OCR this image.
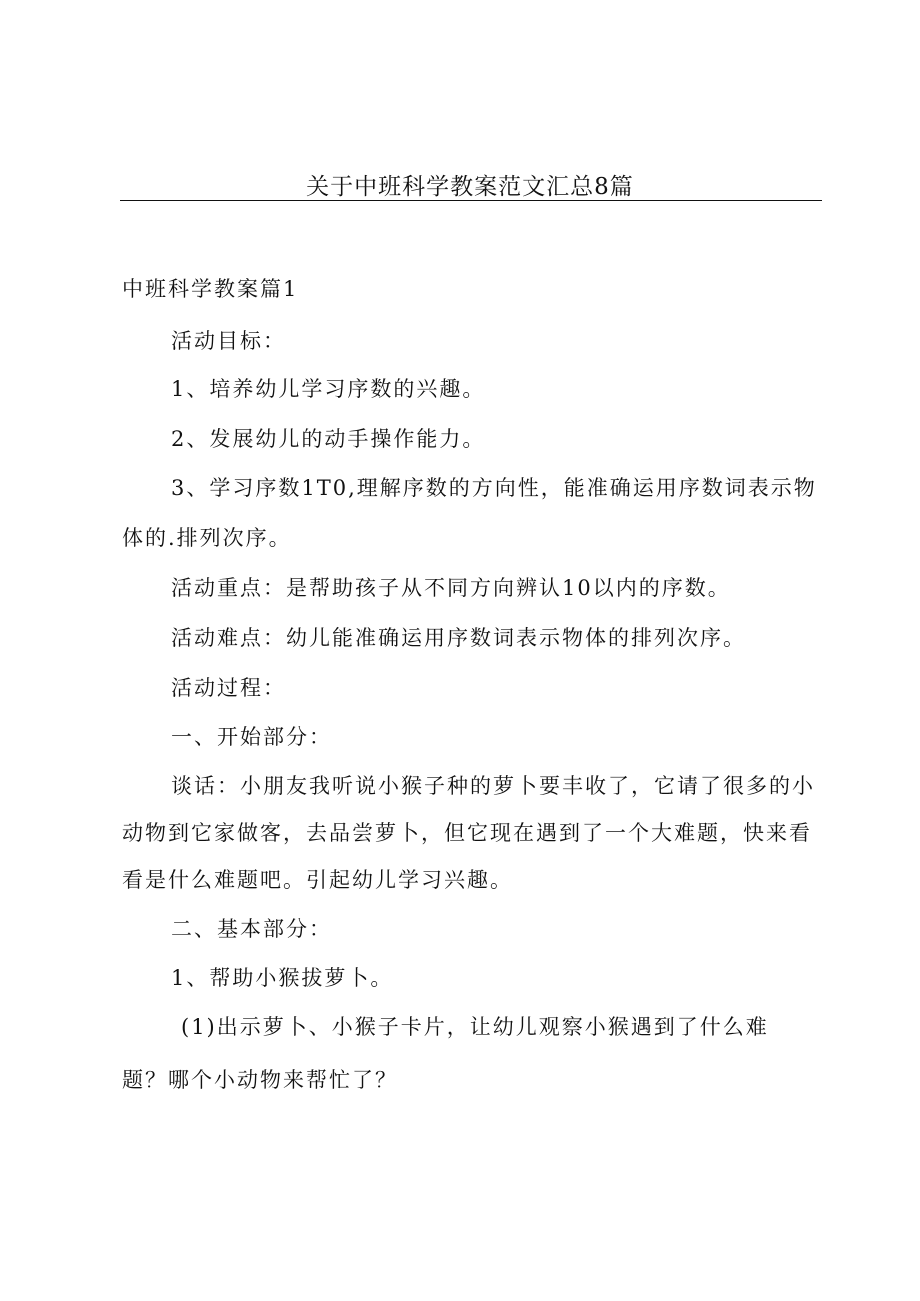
关于中班科学教案范文汇总8篇
中班科学教案篇1
活动目标：
1、培养幼儿学习序数的兴趣。
2、发展幼儿的动手操作能力。
3、学习序数1T0,理解序数的方向性，能准确运用序数词表示物
体的.排列次序。
活动重点：是帮助孩子从不同方向辨认10以内的序数。
活动难点：幼儿能准确运用序数词表示物体的排列次序。
活动过程：
一、开始部分：
谈话：小朋友我听说小猴子种的萝卜要丰收了，它请了很多的小
动物到它家做客，去品尝萝卜，但它现在遇到了一个大难题，快来看
看是什么难题吧。引起幼儿学习兴趣。
二、基本部分：
1、帮助小猴拔萝卜。
(1)出示萝卜、小猴子卡片，让幼儿观察小猴遇到了什么难
题？哪个小动物来帮忙了？
